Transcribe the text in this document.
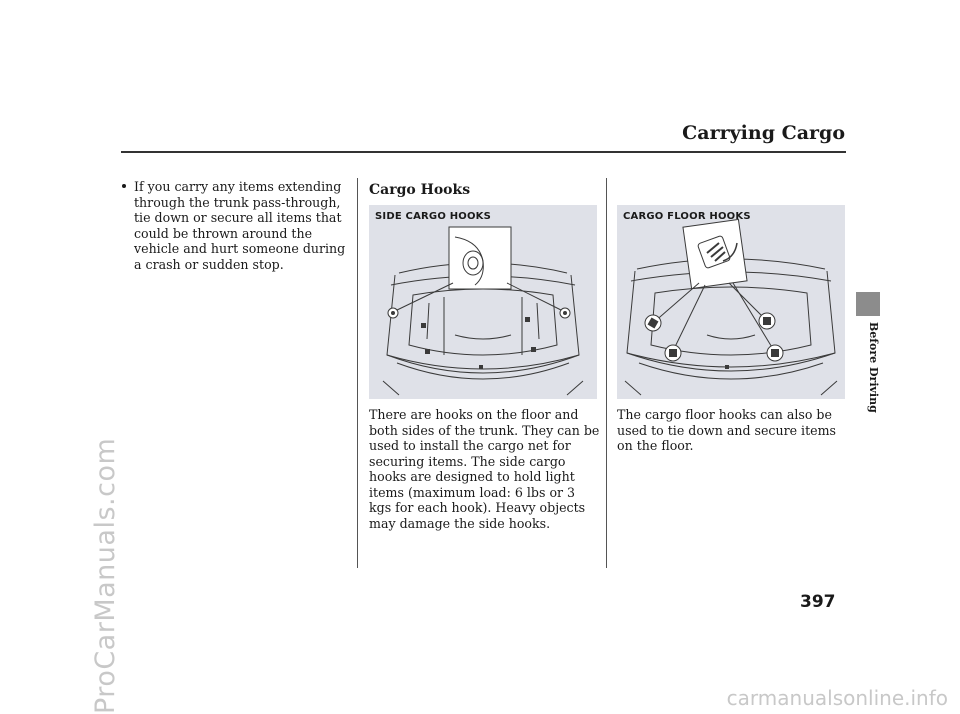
ProCarManuals.com	carmanualsonline.info
Carrying Cargo
Before Driving

If you carry any items extending through the trunk pass-through, tie down or secure all items that could be thrown around the vehicle and hurt someone during a crash or sudden stop.

Cargo Hooks
SIDE CARGO HOOKS

There are hooks on the floor and both sides of the trunk. They can be used to install the cargo net for securing items. The side cargo hooks are designed to hold light items (maximum load: 6 lbs or 3 kgs for each hook). Heavy objects may damage the side hooks.

CARGO FLOOR HOOKS

The cargo floor hooks can also be used to tie down and secure items on the floor.

397
